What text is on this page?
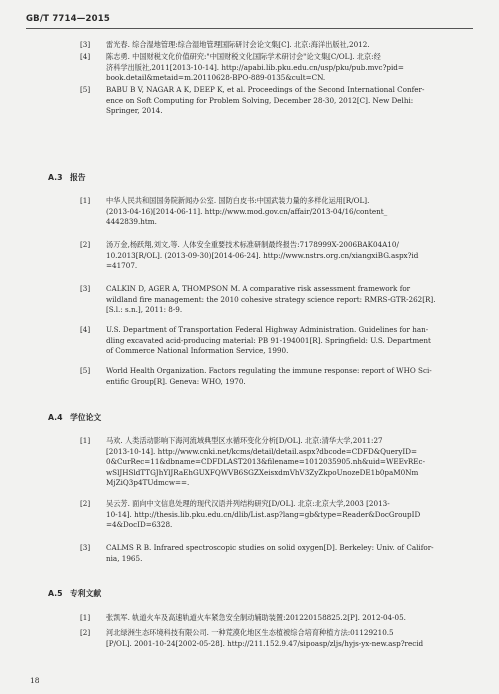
GB/T 7714—2015
[3] 雷光春. 综合湿地管理:综合湿地管理国际研讨会论文集[C]. 北京:海洋出版社,2012.
[4] 陈志勇. 中国财税文化价值研究:"中国财税文化国际学术研讨会"论文集[C/OL]. 北京:经
济科学出版社,2011[2013-10-14]. http://apabi.lib.pku.edu.cn/usp/pku/pub.mvc?pid=
book.detail&metaid=m.20110628-BPO-889-0135&cult=CN.
[5] BABU B V, NAGAR A K, DEEP K, et al. Proceedings of the Second International Confer-
ence on Soft Computing for Problem Solving, December 28-30, 2012[C]. New Delhi:
Springer, 2014.
A.3 报告
[1] 中华人民共和国国务院新闻办公室. 国防白皮书:中国武装力量的多样化运用[R/OL].
(2013-04-16)[2014-06-11]. http://www.mod.gov.cn/affair/2013-04/16/content_
4442839.htm.
[2] 汤万金,杨跃翔,刘文,等. 人体安全重要技术标准研制最终报告:7178999X-2006BAK04A10/
10.2013[R/OL]. (2013-09-30)[2014-06-24]. http://www.nstrs.org.cn/xiangxiBG.aspx?id
=41707.
[3] CALKIN D, AGER A, THOMPSON M. A comparative risk assessment framework for
wildland fire management: the 2010 cohesive strategy science report: RMRS-GTR-262[R].
[S.l.: s.n.], 2011: 8-9.
[4] U.S. Department of Transportation Federal Highway Administration. Guidelines for han-
dling excavated acid-producing material: PB 91-194001[R]. Springfield: U.S. Department
of Commerce National Information Service, 1990.
[5] World Health Organization. Factors regulating the immune response: report of WHO Sci-
entific Group[R]. Geneva: WHO, 1970.
A.4 学位论文
[1] 马欢. 人类活动影响下海河流域典型区水循环变化分析[D/OL]. 北京:清华大学,2011:27
[2013-10-14]. http://www.cnki.net/kcms/detail/detail.aspx?dbcode=CDFD&QueryID=
0&CurRec=11&dbname=CDFDLAST2013&filename=1012035905.nh&uid=WEEvREc-
wSlJHSldTTGJhYlJRaEhGUXFQWVB6SGZXeisxdmVhV3ZyZkpoUnozeDE1b0paM0Nm
MjZiQ3p4TUdmcw==.
[2] 吴云芳. 面向中文信息处理的现代汉语并列结构研究[D/OL]. 北京:北京大学,2003 [2013-
10-14]. http://thesis.lib.pku.edu.cn/dlib/List.asp?lang=gb&type=Reader&DocGroupID
=4&DocID=6328.
[3] CALMS R B. Infrared spectroscopic studies on solid oxygen[D]. Berkeley: Univ. of Califor-
nia, 1965.
A.5 专利文献
[1] 张凯军. 轨道火车及高速轨道火车紧急安全制动辅助装置:201220158825.2[P]. 2012-04-05.
[2] 河北绿洲生态环境科技有限公司. 一种荒漠化地区生态植被综合培育种植方法:01129210.5
[P/OL]. 2001-10-24[2002-05-28]. http://211.152.9.47/sipoasp/zljs/hyjs-yx-new.asp?recid
18
